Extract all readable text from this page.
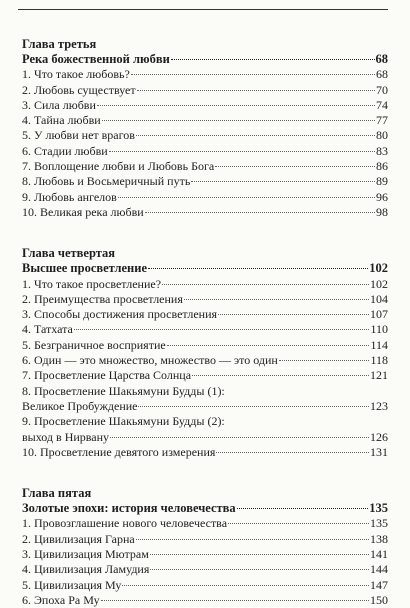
Глава третья
Река божественной любви	68
1. Что такое любовь?	68
2. Любовь существует	70
3. Сила любви	74
4. Тайна любви	77
5. У любви нет врагов	80
6. Стадии любви	83
7. Воплощение любви и Любовь Бога	86
8. Любовь и Восьмеричный путь	89
9. Любовь ангелов	96
10. Великая река любви	98
Глава четвертая
Высшее просветление	102
1. Что такое просветление?	102
2. Преимущества просветления	104
3. Способы достижения просветления	107
4. Татхата	110
5. Безграничное восприятие	114
6. Один — это множество, множество — это один	118
7. Просветление Царства Солнца	121
8. Просветление Шакьямуни Будды (1):
Великое Пробуждение	123
9. Просветление Шакьямуни Будды (2):
выход в Нирвану	126
10. Просветление девятого измерения	131
Глава пятая
Золотые эпохи: история человечества	135
1. Провозглашение нового человечества	135
2. Цивилизация Гарна	138
3. Цивилизация Мютрам	141
4. Цивилизация Ламудия	144
5. Цивилизация Му	147
6. Эпоха Ра Му	150
